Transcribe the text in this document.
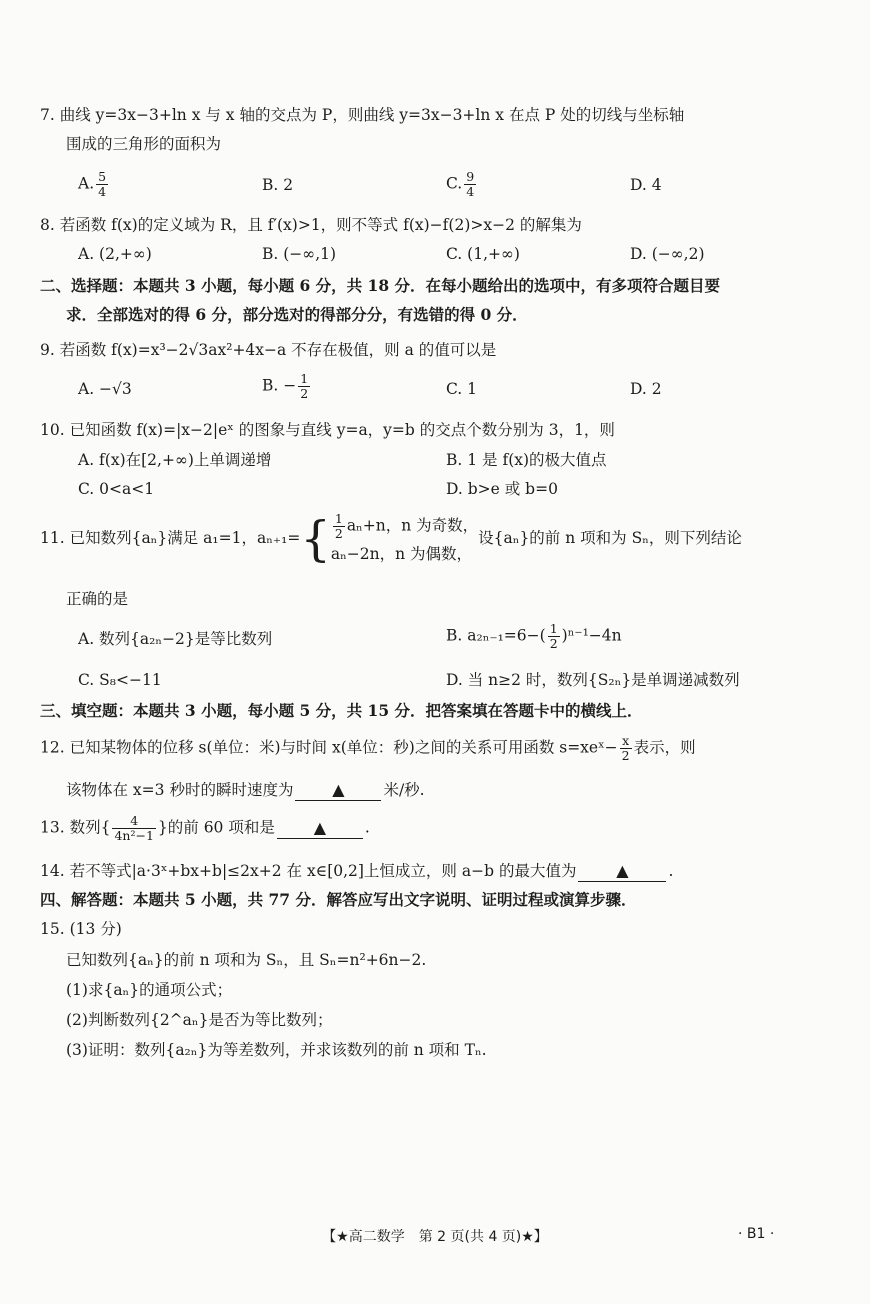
7. 曲线 y=3x−3+ln x 与 x 轴的交点为 P，则曲线 y=3x−3+ln x 在点 P 处的切线与坐标轴
围成的三角形的面积为
A. $\frac{5}{4}$	B. 2	C. $\frac{9}{4}$	D. 4
8. 若函数 f(x)的定义域为 R，且 f′(x)>1，则不等式 f(x)−f(2)>x−2 的解集为
A. (2,+∞)	B. (−∞,1)	C. (1,+∞)	D. (−∞,2)
二、选择题：本题共 3 小题，每小题 6 分，共 18 分．在每小题给出的选项中，有多项符合题目要
求．全部选对的得 6 分，部分选对的得部分分，有选错的得 0 分．
9. 若函数 f(x)=x³−2√3ax²+4x−a 不存在极值，则 a 的值可以是
A. −√3	B. − $\frac{1}{2}$	C. 1	D. 2
10. 已知函数 f(x)=|x−2|eˣ 的图象与直线 y=a，y=b 的交点个数分别为 3，1，则
A. f(x)在[2,+∞)上单调递增	B. 1 是 f(x)的极大值点
C. 0<a<1	D. b>e 或 b=0
11. 已知数列{aₙ}满足 a₁=1，$a_{n+1}=\{ \frac{1}{2} a_n+n$，n 为奇数，
aₙ−2n，n 为偶数，
设{aₙ}的前 n 项和为 Sₙ，则下列结论
正确的是
A. 数列{a₂ₙ−2}是等比数列	B. $a_{2n-1}=6-( \frac{1}{2} )^{n-1}-4n$
C. S₈<−11	D. 当 n≥2 时，数列{S₂ₙ}是单调递减数列
三、填空题：本题共 3 小题，每小题 5 分，共 15 分．把答案填在答题卡中的横线上．
12. 已知某物体的位移 s(单位：米)与时间 x(单位：秒)之间的关系可用函数 s=xeˣ− $\frac{x}{2}$ 表示，则
该物体在 x=3 秒时的瞬时速度为 ▲	米/秒.
13. 数列{ $\frac{4}{\text{4n²−1}}$ }的前 60 项和是 ▲	.
14. 若不等式|a·3ˣ+bx+b|≤2x+2 在 x∈[0,2]上恒成立，则 a−b 的最大值为 ▲	.
四、解答题：本题共 5 小题，共 77 分．解答应写出文字说明、证明过程或演算步骤．
15. (13 分)
已知数列{aₙ}的前 n 项和为 Sₙ，且 Sₙ=n²+6n−2.
(1)求{aₙ}的通项公式；
(2)判断数列{2^aₙ}是否为等比数列；
(3)证明：数列{a₂ₙ}为等差数列，并求该数列的前 n 项和 Tₙ.
【★高二数学　第 2 页(共 4 页)★】	· B1 ·
